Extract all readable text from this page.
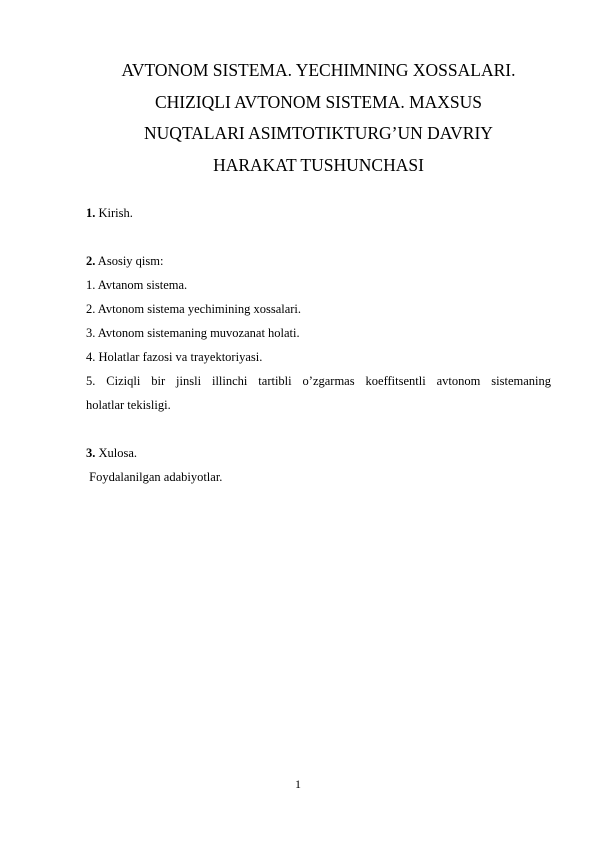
AVTONOM SISTEMA. YECHIMNING XOSSALARI.
CHIZIQLI AVTONOM SISTEMA. MAXSUS
NUQTALARI ASIMTOTIKTURG’UN DAVRIY
HARAKAT TUSHUNCHASI
1. Kirish.
2. Asosiy qism:
1. Avtanom sistema.
2. Avtonom sistema yechimining xossalari.
3. Avtonom sistemaning muvozanat holati.
4. Holatlar fazosi va trayektoriyasi.
5. Ciziqli bir jinsli illinchi tartibli o’zgarmas koeffitsentli avtonom sistemaning
holatlar tekisligi.
3. Xulosa.
Foydalanilgan adabiyotlar.
1
